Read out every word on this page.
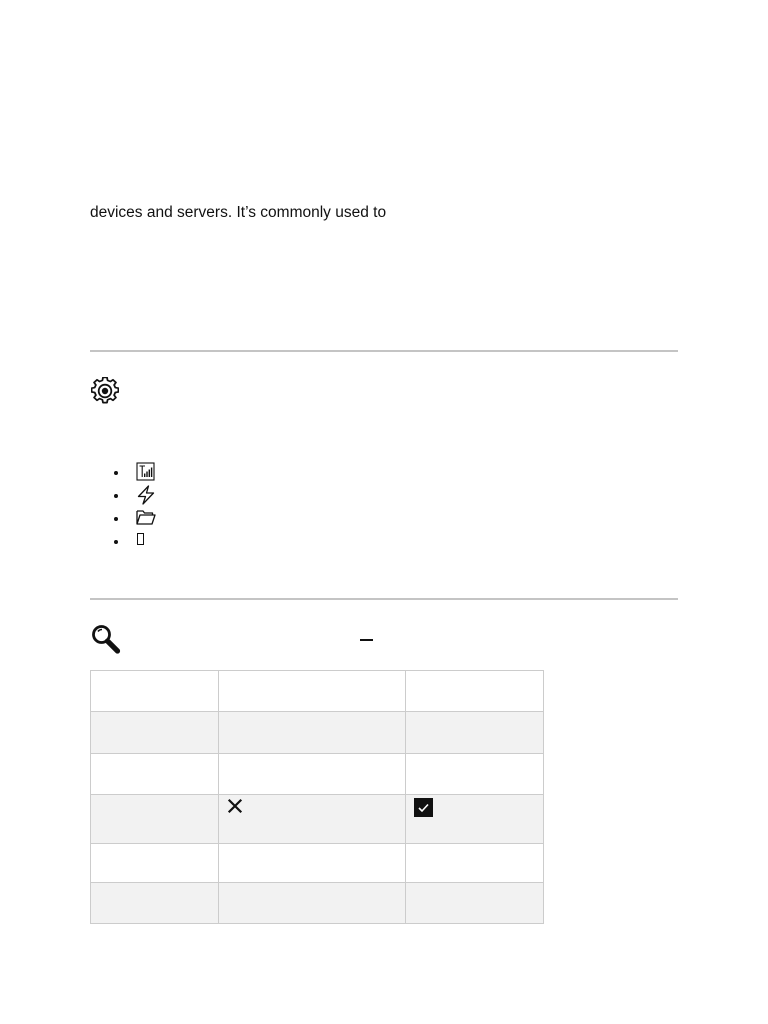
devices and servers. It’s commonly used to
